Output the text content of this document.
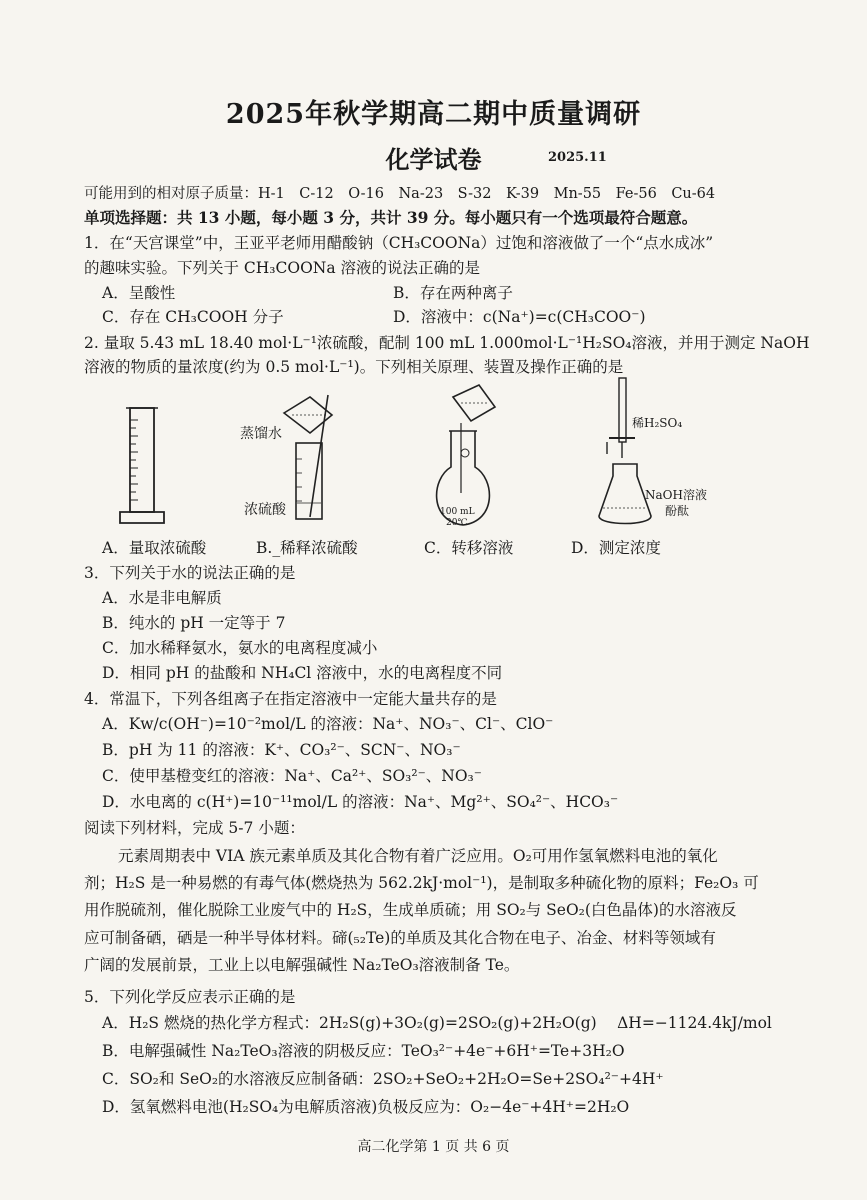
2025年秋学期高二期中质量调研
化学试卷	2025.11
可能用到的相对原子质量：H-1　C-12　O-16　Na-23　S-32　K-39　Mn-55　Fe-56　Cu-64
单项选择题：共 13 小题，每小题 3 分，共计 39 分。每小题只有一个选项最符合题意。
1．在“天宫课堂”中，王亚平老师用醋酸钠（CH₃COONa）过饱和溶液做了一个“点水成冰”
的趣味实验。下列关于 CH₃COONa 溶液的说法正确的是
A．呈酸性	B．存在两种离子
C．存在 CH₃COOH 分子	D．溶液中：c(Na⁺)=c(CH₃COO⁻)
2. 量取 5.43 mL 18.40 mol·L⁻¹浓硫酸，配制 100 mL 1.000mol·L⁻¹H₂SO₄溶液，并用于测定 NaOH
溶液的物质的量浓度(约为 0.5 mol·L⁻¹)。下列相关原理、装置及操作正确的是
蒸馏水
浓硫酸	100 mL
20℃
稀H₂SO₄
NaOH溶液
酚酞
A．量取浓硫酸	B._稀释浓硫酸	C．转移溶液	D．测定浓度
3．下列关于水的说法正确的是
A．水是非电解质
B．纯水的 pH 一定等于 7
C．加水稀释氨水，氨水的电离程度减小
D．相同 pH 的盐酸和 NH₄Cl 溶液中，水的电离程度不同
4．常温下，下列各组离子在指定溶液中一定能大量共存的是
A．Kw/c(OH⁻)=10⁻²mol/L 的溶液：Na⁺、NO₃⁻、Cl⁻、ClO⁻
B．pH 为 11 的溶液：K⁺、CO₃²⁻、SCN⁻、NO₃⁻
C．使甲基橙变红的溶液：Na⁺、Ca²⁺、SO₃²⁻、NO₃⁻
D．水电离的 c(H⁺)=10⁻¹¹mol/L 的溶液：Na⁺、Mg²⁺、SO₄²⁻、HCO₃⁻
阅读下列材料，完成 5-7 小题：
元素周期表中 VIA 族元素单质及其化合物有着广泛应用。O₂可用作氢氧燃料电池的氧化
剂；H₂S 是一种易燃的有毒气体(燃烧热为 562.2kJ·mol⁻¹)，是制取多种硫化物的原料；Fe₂O₃ 可
用作脱硫剂，催化脱除工业废气中的 H₂S，生成单质硫；用 SO₂与 SeO₂(白色晶体)的水溶液反
应可制备硒，硒是一种半导体材料。碲(₅₂Te)的单质及其化合物在电子、冶金、材料等领域有
广阔的发展前景，工业上以电解强碱性 Na₂TeO₃溶液制备 Te。
5．下列化学反应表示正确的是
A．H₂S 燃烧的热化学方程式：2H₂S(g)+3O₂(g)=2SO₂(g)+2H₂O(g)　 ΔH=−1124.4kJ/mol
B．电解强碱性 Na₂TeO₃溶液的阴极反应：TeO₃²⁻+4e⁻+6H⁺=Te+3H₂O
C．SO₂和 SeO₂的水溶液反应制备硒：2SO₂+SeO₂+2H₂O=Se+2SO₄²⁻+4H⁺
D．氢氧燃料电池(H₂SO₄为电解质溶液)负极反应为：O₂−4e⁻+4H⁺=2H₂O
高二化学第 1 页 共 6 页
